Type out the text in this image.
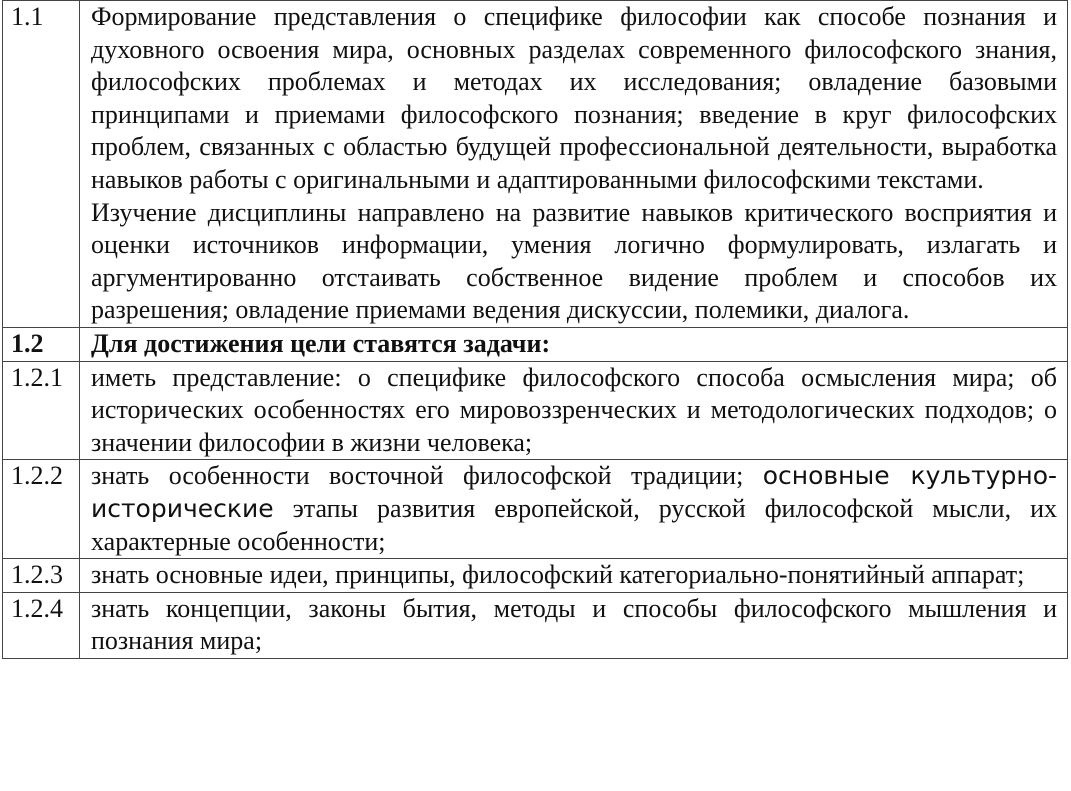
1.1	Формирование представления о специфике философии как способе познания и духовного освоения мира, основных разделах современного философского знания, философских проблемах и методах их исследования; овладение базовыми принципами и приемами философского познания; введение в круг философских проблем, связанных с областью будущей профессиональной деятельности, выработка навыков работы с оригинальными и адаптированными философскими текстами.

Изучение дисциплины направлено на развитие навыков критического восприятия и оценки источников информации, умения логично формулировать, излагать и аргументированно отстаивать собственное видение проблем и способов их разрешения; овладение приемами ведения дискуссии, полемики, диалога.

1.2	Для достижения цели ставятся задачи:
1.2.1	иметь представление: о специфике философского способа осмысления мира; об исторических особенностях его мировоззренческих и методологических подходов; о значении философии в жизни человека;
1.2.2	знать особенности восточной философской традиции; основные культурно-исторические этапы развития европейской, русской философской мысли, их характерные особенности;
1.2.3	знать основные идеи, принципы, философский категориально-понятийный аппарат;
1.2.4	знать концепции, законы бытия, методы и способы философского мышления и познания мира;
